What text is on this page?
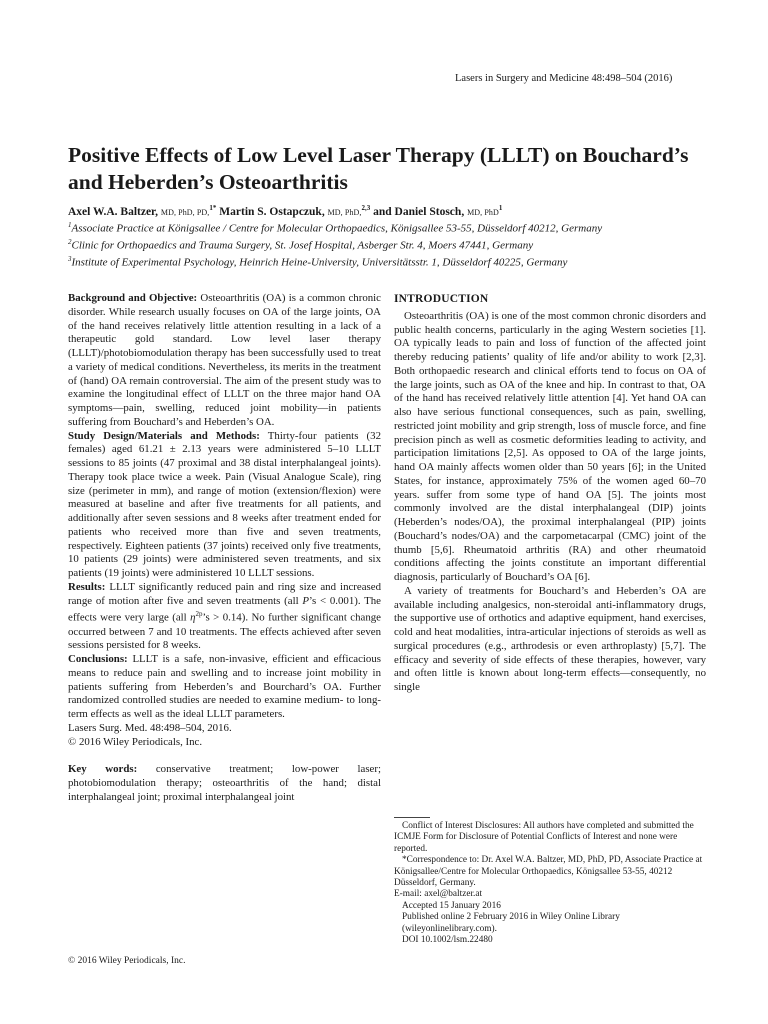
Lasers in Surgery and Medicine 48:498–504 (2016)
Positive Effects of Low Level Laser Therapy (LLLT) on Bouchard’s and Heberden’s Osteoarthritis
Axel W.A. Baltzer, MD, PhD, PD,$^{1*}$ Martin S. Ostapczuk, MD, PhD,$^{2,3}$ and Daniel Stosch, MD, PhD$^1$
$^1$Associate Practice at Königsallee / Centre for Molecular Orthopaedics, Königsallee 53-55, Düsseldorf 40212, Germany
$^2$Clinic for Orthopaedics and Trauma Surgery, St. Josef Hospital, Asberger Str. 4, Moers 47441, Germany
$^3$Institute of Experimental Psychology, Heinrich Heine-University, Universitätsstr. 1, Düsseldorf 40225, Germany

Background and Objective: Osteoarthritis (OA) is a common chronic disorder. While research usually focuses on OA of the large joints, OA of the hand receives relatively little attention resulting in a lack of a therapeutic gold standard. Low level laser therapy (LLLT)/photobiomodulation therapy has been successfully used to treat a variety of medical conditions. Nevertheless, its merits in the treatment of (hand) OA remain controversial. The aim of the present study was to examine the longitudinal effect of LLLT on the three major hand OA symptoms—pain, swelling, reduced joint mobility—in patients suffering from Bouchard’s and Heberden’s OA.

Study Design/Materials and Methods: Thirty-four patients (32 females) aged 61.21 ± 2.13 years were administered 5–10 LLLT sessions to 85 joints (47 proximal and 38 distal interphalangeal joints). Therapy took place twice a week. Pain (Visual Analogue Scale), ring size (perimeter in mm), and range of motion (extension/flexion) were measured at baseline and after five treatments for all patients, and additionally after seven sessions and 8 weeks after treatment ended for patients who received more than five and seven treatments, respectively. Eighteen patients (37 joints) received only five treatments, 10 patients (29 joints) were administered seven treatments, and six patients (19 joints) were administered 10 LLLT sessions.

Results: LLLT significantly reduced pain and ring size and increased range of motion after five and seven treatments (all P’s < 0.001). The effects were very large (all $\eta^{2p}’s > 0.14$). No further significant change occurred between 7 and 10 treatments. The effects achieved after seven sessions persisted for 8 weeks.

Conclusions: LLLT is a safe, non-invasive, efficient and efficacious means to reduce pain and swelling and to increase joint mobility in patients suffering from Heberden’s and Bourchard’s OA. Further randomized controlled studies are needed to examine medium- to long-term effects as well as the ideal LLLT parameters.

Lasers Surg. Med. 48:498–504, 2016.

© 2016 Wiley Periodicals, Inc.

Key words: conservative treatment; low-power laser; photobiomodulation therapy; osteoarthritis of the hand; distal interphalangeal joint; proximal interphalangeal joint

INTRODUCTION

Osteoarthritis (OA) is one of the most common chronic disorders and public health concerns, particularly in the aging Western societies [1]. OA typically leads to pain and loss of function of the affected joint thereby reducing patients’ quality of life and/or ability to work [2,3]. Both orthopaedic research and clinical efforts tend to focus on OA of the large joints, such as OA of the knee and hip. In contrast to that, OA of the hand has received relatively little attention [4]. Yet hand OA can also have serious functional consequences, such as pain, swelling, restricted joint mobility and grip strength, loss of muscle force, and fine precision pinch as well as cosmetic deformities leading to activity, and participation limitations [2,5]. As opposed to OA of the large joints, hand OA mainly affects women older than 50 years [6]; in the United States, for instance, approximately 75% of the women aged 60–70 years. suffer from some type of hand OA [5]. The joints most commonly involved are the distal interphalangeal (DIP) joints (Heberden’s nodes/OA), the proximal interphalangeal (PIP) joints (Bouchard’s nodes/OA) and the carpometacarpal (CMC) joint of the thumb [5,6]. Rheumatoid arthritis (RA) and other rheumatoid conditions affecting the joints constitute an important differential diagnosis, particularly of Bouchard’s OA [6].

A variety of treatments for Bouchard’s and Heberden’s OA are available including analgesics, non-steroidal anti-inflammatory drugs, the supportive use of orthotics and adaptive equipment, hand exercises, cold and heat modalities, intra-articular injections of steroids as well as surgical procedures (e.g., arthrodesis or even arthroplasty) [5,7]. The efficacy and severity of side effects of these therapies, however, vary and often little is known about long-term effects—consequently, no single

Conflict of Interest Disclosures: All authors have completed and submitted the ICMJE Form for Disclosure of Potential Conflicts of Interest and none were reported.

*Correspondence to: Dr. Axel W.A. Baltzer, MD, PhD, PD, Associate Practice at Königsallee/Centre for Molecular Orthopaedics, Königsallee 53-55, 40212 Düsseldorf, Germany.

E-mail: axel@baltzer.at

Accepted 15 January 2016

Published online 2 February 2016 in Wiley Online Library (wileyonlinelibrary.com).

DOI 10.1002/lsm.22480

© 2016 Wiley Periodicals, Inc.
